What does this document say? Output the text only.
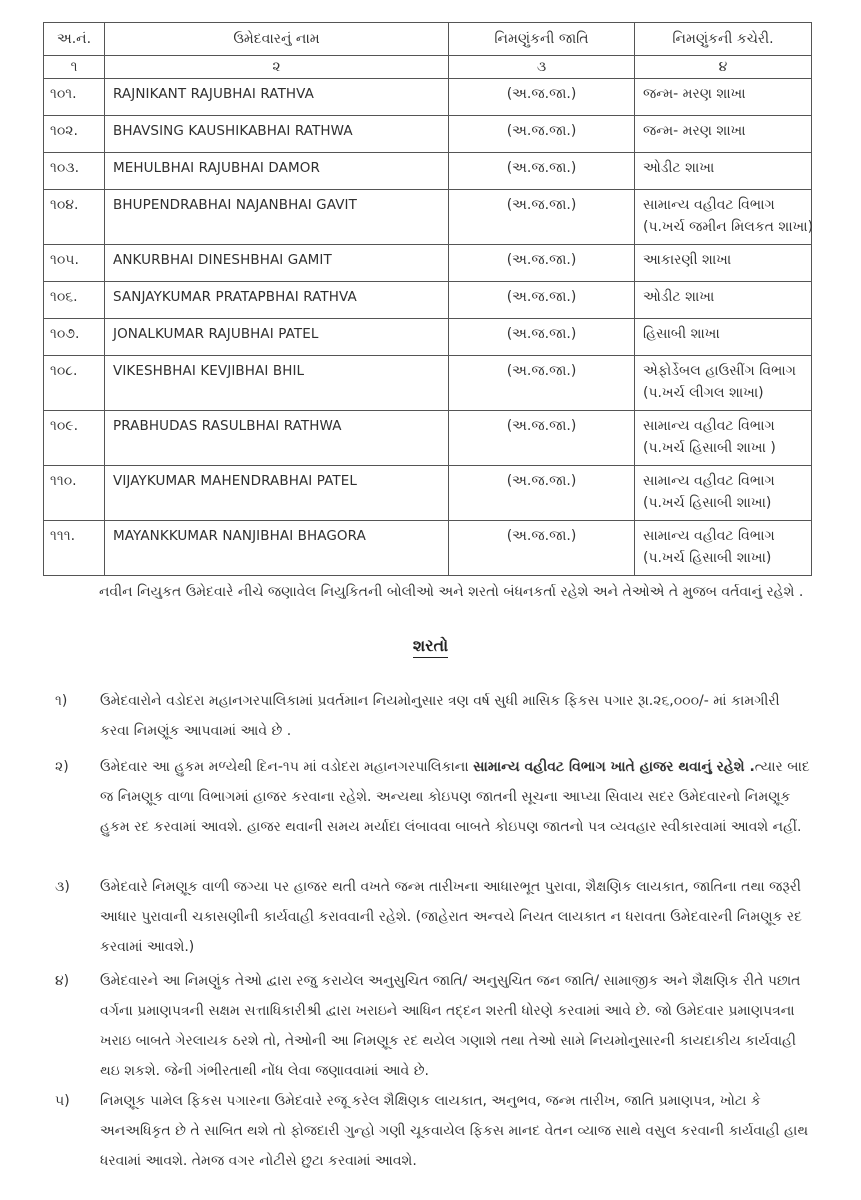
અ.નં.	ઉમેદવારનું નામ	નિમણુંકની જાતિ	નિમણુંકની કચેરી.
૧	૨	૩	૪

૧૦૧.	RAJNIKANT RAJUBHAI RATHVA	(અ.જ.જા.)	જન્મ- મરણ શાખા

૧૦૨.	BHAVSING KAUSHIKABHAI RATHWA	(અ.જ.જા.)	જન્મ- મરણ શાખા

૧૦૩.	MEHULBHAI RAJUBHAI DAMOR	(અ.જ.જા.)	ઓડીટ શાખા

૧૦૪.	BHUPENDRABHAI NAJANBHAI GAVIT	(અ.જ.જા.)	સામાન્ય વહીવટ વિભાગ
(પ.ખર્ચ જમીન મિલકત શાખા)

૧૦૫.	ANKURBHAI DINESHBHAI GAMIT	(અ.જ.જા.)	આકારણી શાખા

૧૦૬.	SANJAYKUMAR PRATAPBHAI RATHVA	(અ.જ.જા.)	ઓડીટ શાખા

૧૦૭.	JONALKUMAR RAJUBHAI PATEL	(અ.જ.જા.)	હિસાબી શાખા

૧૦૮.	VIKESHBHAI KEVJIBHAI BHIL	(અ.જ.જા.)	એફોર્ડેબલ હાઉસીંગ વિભાગ
(પ.ખર્ચ લીગલ શાખા)

૧૦૯.	PRABHUDAS RASULBHAI RATHWA	(અ.જ.જા.)	સામાન્ય વહીવટ વિભાગ
(પ.ખર્ચ હિસાબી શાખા )

૧૧૦.	VIJAYKUMAR MAHENDRABHAI PATEL	(અ.જ.જા.)	સામાન્ય વહીવટ વિભાગ
(પ.ખર્ચ હિસાબી શાખા)

૧૧૧.	MAYANKKUMAR NANJIBHAI BHAGORA	(અ.જ.જા.)	સામાન્ય વહીવટ વિભાગ
(પ.ખર્ચ હિસાબી શાખા)
નવીન નિયુકત ઉમેદવારે નીચે જણાવેલ નિયુકિતની બોલીઓ અને શરતો બંધનકર્તા રહેશે અને તેઓએ તે મુજબ વર્તવાનું રહેશે .
શરતો
૧) ઉમેદવારોને વડોદરા મહાનગરપાલિકામાં પ્રવર્તમાન નિયમોનુસાર ત્રણ વર્ષ સુધી માસિક ફિકસ પગાર રૂા.૨૬,૦૦૦/- માં કામગીરી કરવા નિમણૂંક આપવામાં આવે છે .
૨) ઉમેદવાર આ હુકમ મળ્યેથી દિન-૧૫ માં વડોદરા મહાનગરપાલિકાના સામાન્ય વહીવટ વિભાગ ખાતે હાજર થવાનું રહેશે .ત્યાર બાદ જ નિમણૂક વાળા વિભાગમાં હાજર કરવાના રહેશે. અન્યથા કોઇપણ જાતની સૂચના આપ્યા સિવાય સદર ઉમેદવારનો નિમણૂક હુકમ રદ કરવામાં આવશે. હાજર થવાની સમય મર્યાદા લંબાવવા બાબતે કોઇપણ જાતનો પત્ર વ્યવહાર સ્વીકારવામાં આવશે નહીં.
૩) ઉમેદવારે નિમણૂક વાળી જગ્યા પર હાજર થતી વખતે જન્મ તારીખના આધારભૂત પુરાવા, શૈક્ષણિક લાયકાત, જાતિના તથા જરૂરી આધાર પુરાવાની ચકાસણીની કાર્યવાહી કરાવવાની રહેશે. (જાહેરાત અન્વયે નિયત લાયકાત ન ધરાવતા ઉમેદવારની નિમણૂક રદ કરવામાં આવશે.)
૪) ઉમેદવારને આ નિમણુંક તેઓ દ્વારા રજુ કરાયેલ અનુસુચિત જાતિ/ અનુસુચિત જન જાતિ/ સામાજીક અને શૈક્ષણિક રીતે પછાત વર્ગના પ્રમાણપત્રની સક્ષમ સત્તાધિકારીશ્રી દ્વારા ખરાઇને આધિન તદ્દન શરતી ધોરણે કરવામાં આવે છે. જો ઉમેદવાર પ્રમાણપત્રના ખરાઇ બાબતે ગેરલાયક ઠરશે તો, તેઓની આ નિમણૂક રદ થયેલ ગણાશે તથા તેઓ સામે નિયમોનુસારની કાયદાકીય કાર્યવાહી થઇ શકશે. જેની ગંભીરતાથી નોંધ લેવા જણાવવામાં આવે છે.
૫) નિમણૂક પામેલ ફિકસ પગારના ઉમેદવારે રજૂ કરેલ શૈક્ષિણક લાયકાત, અનુભવ, જન્મ તારીખ, જાતિ પ્રમાણપત્ર, ખોટા કે અનઅધિકૃત છે તે સાબિત થશે તો ફોજદારી ગુન્હો ગણી ચૂકવાયેલ ફિકસ માનદ વેતન વ્યાજ સાથે વસુલ કરવાની કાર્યવાહી હાથ ધરવામાં આવશે. તેમજ વગર નોટીસે છુટા કરવામાં આવશે.
